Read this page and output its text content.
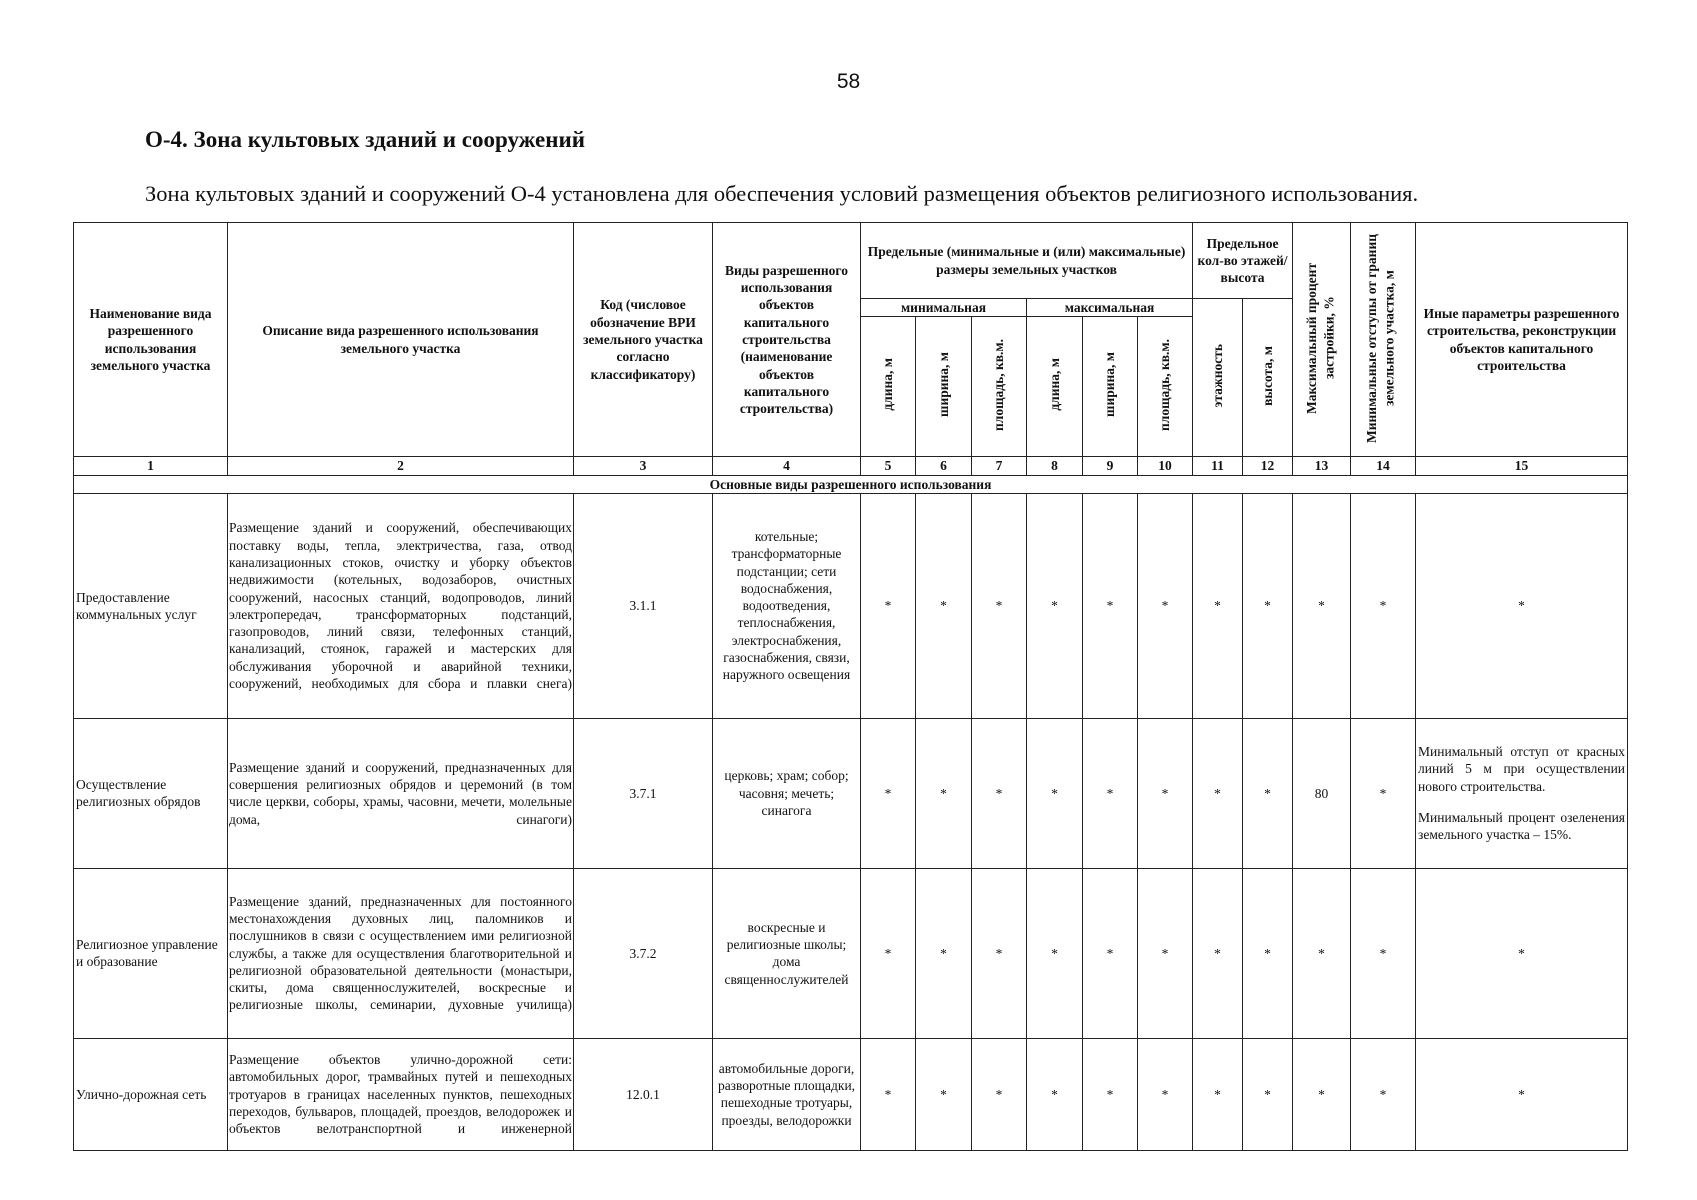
58
О-4. Зона культовых зданий и сооружений
Зона культовых зданий и сооружений О-4 установлена для обеспечения условий размещения объектов религиозного использования.
Наименование вида разрешенного использования земельного участка	Описание вида разрешенного использования земельного участка	Код (числовое обозначение ВРИ земельного участка согласно классификатору)	Виды разрешенного использования объектов капитального строительства (наименование объектов капитального строительства)	Предельные (минимальные и (или) максимальные) размеры земельных участков						Предельное кол-во этажей/ высота		Максимальный процент застройки, %	Минимальные отступы от границ земельного участка, м	Иные параметры разрешенного строительства, реконструкции объектов капитального строительства
				минимальная			максимальная			этажность	высота, м			
				длина, м	ширина, м	площадь, кв.м.	длина, м	ширина, м	площадь, кв.м.					
1	2	3	4	5	6	7	8	9	10	11	12	13	14	15
Основные виды разрешенного использования														
Предоставление коммунальных услуг	Размещение зданий и сооружений, обеспечивающих поставку воды, тепла, электричества, газа, отвод канализационных стоков, очистку и уборку объектов недвижимости (котельных, водозаборов, очистных сооружений, насосных станций, водопроводов, линий электропередач, трансформаторных подстанций, газопроводов, линий связи, телефонных станций, канализаций, стоянок, гаражей и мастерских для обслуживания уборочной и аварийной техники, сооружений, необходимых для сбора и плавки снега)	3.1.1	котельные; трансформаторные подстанции; сети водоснабжения, водоотведения, теплоснабжения, электроснабжения, газоснабжения, связи, наружного освещения	*	*	*	*	*	*	*	*	*	*	*
Осуществление религиозных обрядов	Размещение зданий и сооружений, предназначенных для совершения религиозных обрядов и церемоний (в том числе церкви, соборы, храмы, часовни, мечети, молельные дома, синагоги)	3.7.1	церковь; храм; собор; часовня; мечеть; синагога	*	*	*	*	*	*	*	*	80	*	Минимальный отступ от красных линий 5 м при осуществлении нового строительства.
Минимальный процент озеленения земельного участка – 15%.

Религиозное управление и образование	Размещение зданий, предназначенных для постоянного местонахождения духовных лиц, паломников и послушников в связи с осуществлением ими религиозной службы, а также для осуществления благотворительной и религиозной образовательной деятельности (монастыри, скиты, дома священнослужителей, воскресные и религиозные школы, семинарии, духовные училища)	3.7.2	воскресные и религиозные школы; дома священнослужителей	*	*	*	*	*	*	*	*	*	*	*
Улично-дорожная сеть	Размещение объектов улично-дорожной сети: автомобильных дорог, трамвайных путей и пешеходных тротуаров в границах населенных пунктов, пешеходных переходов, бульваров, площадей, проездов, велодорожек и объектов велотранспортной и инженерной	12.0.1	автомобильные дороги, разворотные площадки, пешеходные тротуары, проезды, велодорожки	*	*	*	*	*	*	*	*	*	*	*
